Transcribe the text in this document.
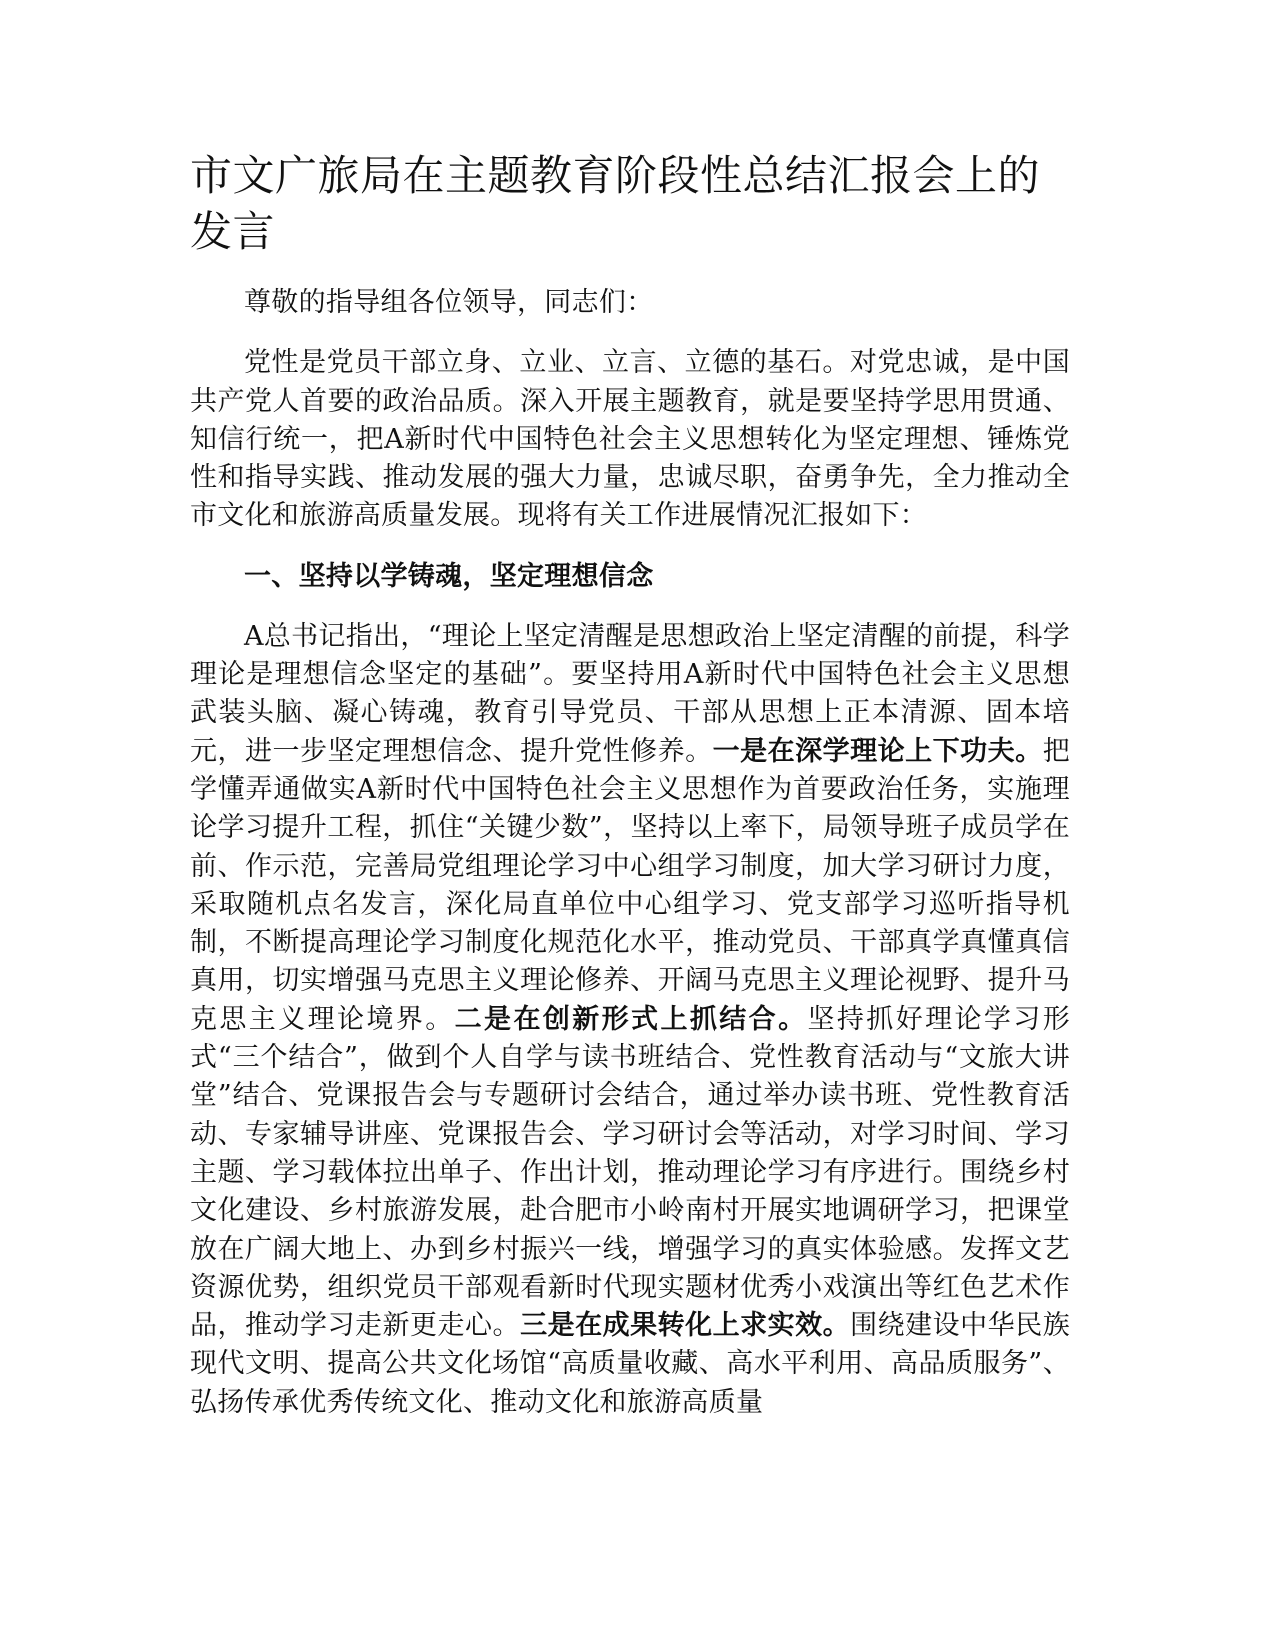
市文广旅局在主题教育阶段性总结汇报会上的发言

尊敬的指导组各位领导，同志们：

党性是党员干部立身、立业、立言、立德的基石。对党忠诚，是中国共产党人首要的政治品质。深入开展主题教育，就是要坚持学思用贯通、知信行统一，把A新时代中国特色社会主义思想转化为坚定理想、锤炼党性和指导实践、推动发展的强大力量，忠诚尽职，奋勇争先，全力推动全市文化和旅游高质量发展。现将有关工作进展情况汇报如下：

一、坚持以学铸魂，坚定理想信念

A总书记指出，“理论上坚定清醒是思想政治上坚定清醒的前提，科学理论是理想信念坚定的基础”。要坚持用A新时代中国特色社会主义思想武装头脑、凝心铸魂，教育引导党员、干部从思想上正本清源、固本培元，进一步坚定理想信念、提升党性修养。一是在深学理论上下功夫。把学懂弄通做实A新时代中国特色社会主义思想作为首要政治任务，实施理论学习提升工程，抓住“关键少数”，坚持以上率下，局领导班子成员学在前、作示范，完善局党组理论学习中心组学习制度，加大学习研讨力度，采取随机点名发言，深化局直单位中心组学习、党支部学习巡听指导机制，不断提高理论学习制度化规范化水平，推动党员、干部真学真懂真信真用，切实增强马克思主义理论修养、开阔马克思主义理论视野、提升马克思主义理论境界。二是在创新形式上抓结合。坚持抓好理论学习形式“三个结合”，做到个人自学与读书班结合、党性教育活动与“文旅大讲堂”结合、党课报告会与专题研讨会结合，通过举办读书班、党性教育活动、专家辅导讲座、党课报告会、学习研讨会等活动，对学习时间、学习主题、学习载体拉出单子、作出计划，推动理论学习有序进行。围绕乡村文化建设、乡村旅游发展，赴合肥市小岭南村开展实地调研学习，把课堂放在广阔大地上、办到乡村振兴一线，增强学习的真实体验感。发挥文艺资源优势，组织党员干部观看新时代现实题材优秀小戏演出等红色艺术作品，推动学习走新更走心。三是在成果转化上求实效。围绕建设中华民族现代文明、提高公共文化场馆“高质量收藏、高水平利用、高品质服务”、弘扬传承优秀传统文化、推动文化和旅游高质量
